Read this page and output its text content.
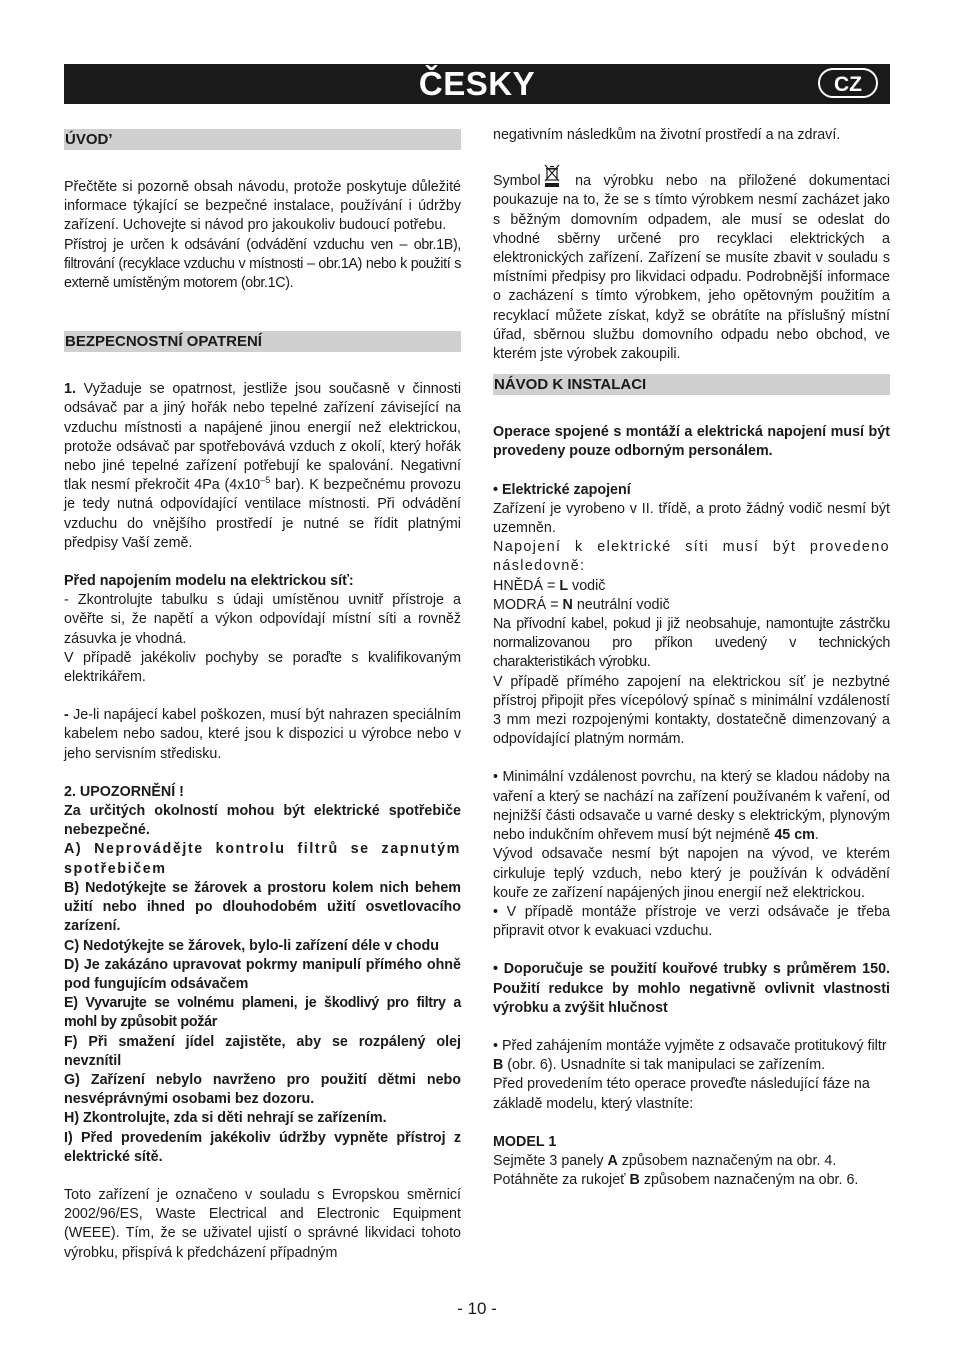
ČESKY	CZ
ÚVOD’

Přečtěte si pozorně obsah návodu, protože poskytuje důležité informace týkající se bezpečné instalace, používání i údržby zařízení. Uchovejte si návod pro jakoukoliv budoucí potřebu.

Přístroj je určen k odsávání (odvádění vzduchu ven – obr.1B), filtrování (recyklace vzduchu v místnosti – obr.1A) nebo k použití s externě umístěným motorem (obr.1C).

BEZPECNOSTNÍ OPATRENÍ

1. Vyžaduje se opatrnost, jestliže jsou současně v činnosti odsávač par a jiný hořák nebo tepelné zařízení závisející na vzduchu místnosti a napájené jinou energií než elektrickou, protože odsávač par spotřebovává vzduch z okolí, který hořák nebo jiné tepelné zařízení potřebují ke spalování. Negativní tlak nesmí překročit 4Pa ($4x10^{-5}$ bar). K bezpečnému provozu je tedy nutná odpovídající ventilace místnosti. Při odvádění vzduchu do vnějšího prostředí je nutné se řídit platnými předpisy Vaší země.

Před napojením modelu na elektrickou síť:

- Zkontrolujte tabulku s údaji umístěnou uvnitř přístroje a ověřte si, že napětí a výkon odpovídají místní síti a rovněž zásuvka je vhodná.

V případě jakékoliv pochyby se poraďte s kvalifikovaným elektrikářem.

- Je-li napájecí kabel poškozen, musí být nahrazen speciálním kabelem nebo sadou, které jsou k dispozici u výrobce nebo v jeho servisním středisku.

2. UPOZORNĚNÍ !

Za určitých okolností mohou být elektrické spotřebiče nebezpečné.

A) Neprovádějte kontrolu filtrů se zapnutým spotřebičem

B) Nedotýkejte se žárovek a prostoru kolem nich behem užití nebo ihned po dlouhodobém užití osvetlovacího zarízení.

C) Nedotýkejte se žárovek, bylo-li zařízení déle v chodu

D) Je zakázáno upravovat pokrmy manipulí přímého ohně pod fungujícím odsávačem

E) Vyvarujte se volnému plameni, je škodlivý pro filtry a mohl by způsobit požár

F) Při smažení jídel zajistěte, aby se rozpálený olej nevznítil

G) Zařízení nebylo navrženo pro použití dětmi nebo nesvéprávnými osobami bez dozoru.

H) Zkontrolujte, zda si děti nehrají se zařízením.

I) Před provedením jakékoliv údržby vypněte přístroj z elektrické sítě.

Toto zařízení je označeno v souladu s Evropskou směrnicí 2002/96/ES, Waste Electrical and Electronic Equipment (WEEE). Tím, že se uživatel ujistí o správné likvidaci tohoto výrobku, přispívá k předcházení případným

negativním následkům na životní prostředí a na zdraví.

Symbol na výrobku nebo na přiložené dokumentaci poukazuje na to, že se s tímto výrobkem nesmí zacházet jako s běžným domovním odpadem, ale musí se odeslat do vhodné sběrny určené pro recyklaci elektrických a elektronických zařízení. Zařízení se musíte zbavit v souladu s místními předpisy pro likvidaci odpadu. Podrobnější informace o zacházení s tímto výrobkem, jeho opětovným použitím a recyklací můžete získat, když se obrátíte na příslušný místní úřad, sběrnou službu domovního odpadu nebo obchod, ve kterém jste výrobek zakoupili.

NÁVOD K INSTALACI

Operace spojené s montáží a elektrická napojení musí být provedeny pouze odborným personálem.

• Elektrické zapojení

Zařízení je vyrobeno v II. třídě, a proto žádný vodič nesmí být uzemněn.

Napojení k elektrické síti musí být provedeno následovně:

HNĚDÁ = L vodič

MODRÁ = N neutrální vodič

Na přívodní kabel, pokud ji již neobsahuje, namontujte zástrčku normalizovanou pro příkon uvedený v technických charakteristikách výrobku.

V případě přímého zapojení na elektrickou síť je nezbytné přístroj připojit přes vícepólový spínač s minimální vzdáleností 3 mm mezi rozpojenými kontakty, dostatečně dimenzovaný a odpovídající platným normám.

• Minimální vzdálenost povrchu, na který se kladou nádoby na vaření a který se nachází na zařízení používaném k vaření, od nejnižší části odsavače u varné desky s elektrickým, plynovým nebo indukčním ohřevem musí být nejméně 45 cm.

Vývod odsavače nesmí být napojen na vývod, ve kterém cirkuluje teplý vzduch, nebo který je používán k odvádění kouře ze zařízení napájených jinou energií než elektrickou.

• V případě montáže přístroje ve verzi odsávače je třeba připravit otvor k evakuaci vzduchu.

• Doporučuje se použití kouřové trubky s průměrem 150. Použití redukce by mohlo negativně ovlivnit vlastnosti výrobku a zvýšit hlučnost

• Před zahájením montáže vyjměte z odsavače protitukový filtr B (obr. 6). Usnadníte si tak manipulaci se zařízením.

Před provedením této operace proveďte následující fáze na základě modelu, který vlastníte:

MODEL 1

Sejměte 3 panely A způsobem naznačeným na obr. 4.

Potáhněte za rukojeť B způsobem naznačeným na obr. 6.

- 10 -
